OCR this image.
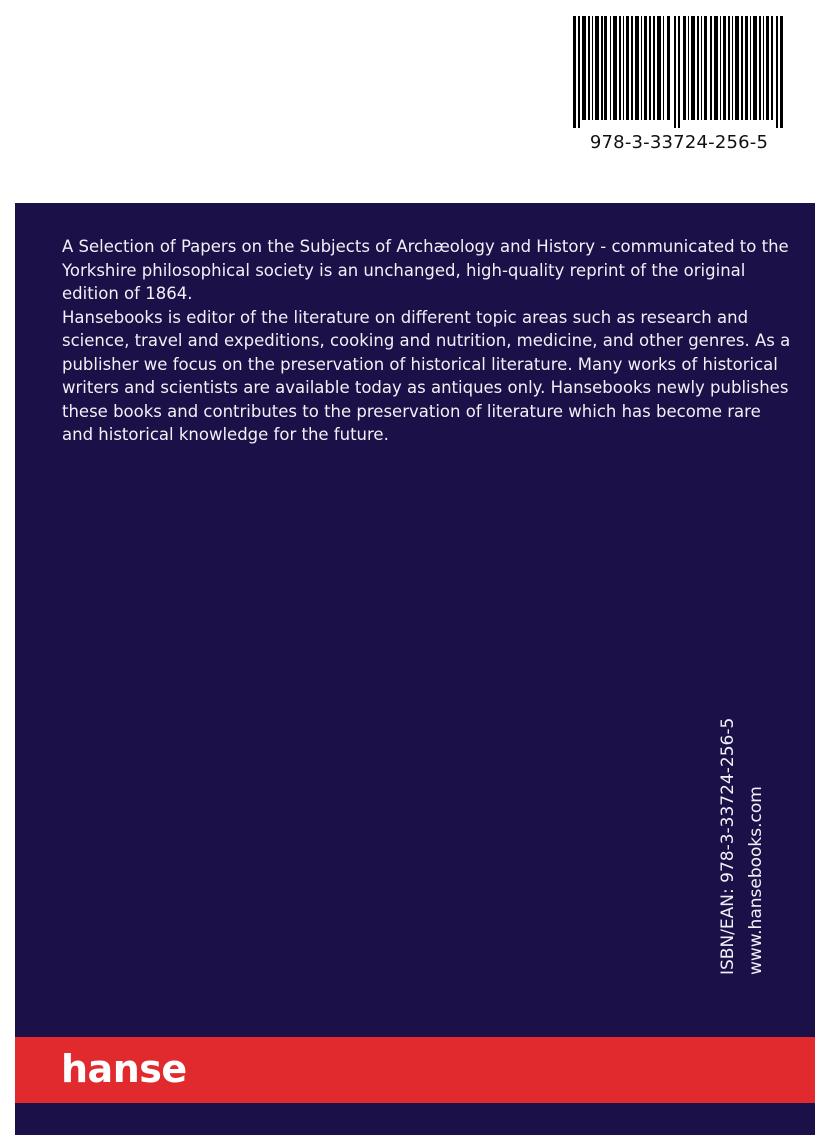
978-3-33724-256-5

A Selection of Papers on the Subjects of Archæology and History - communicated to the Yorkshire philosophical society is an unchanged, high-quality reprint of the original edition of 1864.

Hansebooks is editor of the literature on different topic areas such as research and science, travel and expeditions, cooking and nutrition, medicine, and other genres. As a publisher we focus on the preservation of historical literature. Many works of historical writers and scientists are available today as antiques only. Hansebooks newly publishes these books and contributes to the preservation of literature which has become rare and historical knowledge for the future.

ISBN/EAN: 978-3-33724-256-5 www.hansebooks.com
hanse
